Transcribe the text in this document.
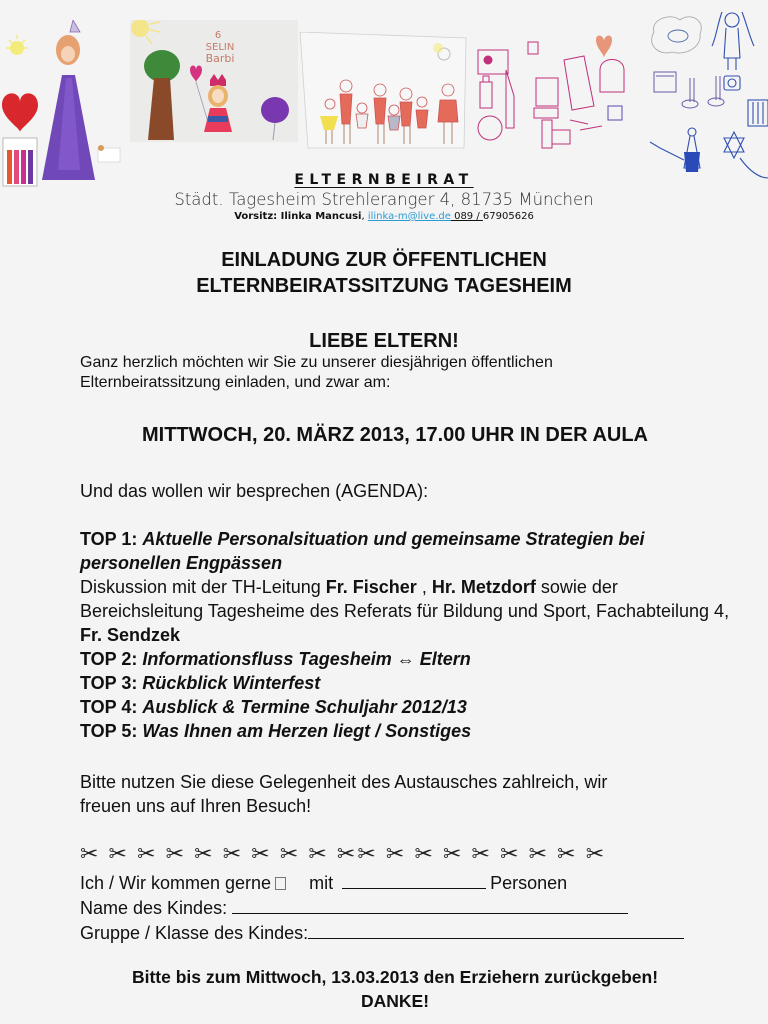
6
SELIN
Barbi
ELTERNBEIRAT
Städt. Tagesheim Strehleranger 4, 81735 München
Vorsitz: Ilinka Mancusi, ilinka-m@live.de 089 / 67905626
EINLADUNG ZUR ÖFFENTLICHEN
ELTERNBEIRATSSITZUNG TAGESHEIM
LIEBE ELTERN!
Ganz herzlich möchten wir Sie zu unserer diesjährigen öffentlichen
Elternbeiratssitzung einladen, und zwar am:
MITTWOCH, 20. MÄRZ 2013, 17.00 UHR IN DER AULA
Und das wollen wir besprechen (AGENDA):
TOP 1: Aktuelle Personalsituation und gemeinsame Strategien bei personellen Engpässen
Diskussion mit der TH-Leitung Fr. Fischer , Hr. Metzdorf sowie der Bereichsleitung Tagesheime des Referats für Bildung und Sport, Fachabteilung 4, Fr. Sendzek
TOP 2: Informationsfluss Tagesheim ⇔ Eltern
TOP 3: Rückblick Winterfest
TOP 4: Ausblick & Termine Schuljahr 2012/13
TOP 5: Was Ihnen am Herzen liegt / Sonstiges
Bitte nutzen Sie diese Gelegenheit des Austausches zahlreich, wir
freuen uns auf Ihren Besuch!
✂ ✂ ✂ ✂ ✂ ✂ ✂ ✂ ✂ ✂✂ ✂ ✂ ✂ ✂ ✂ ✂ ✂ ✂
Ich / Wir kommen gerne mit	Personen
Name des Kindes:
Gruppe / Klasse des Kindes:
Bitte bis zum Mittwoch, 13.03.2013 den Erziehern zurückgeben!
DANKE!
